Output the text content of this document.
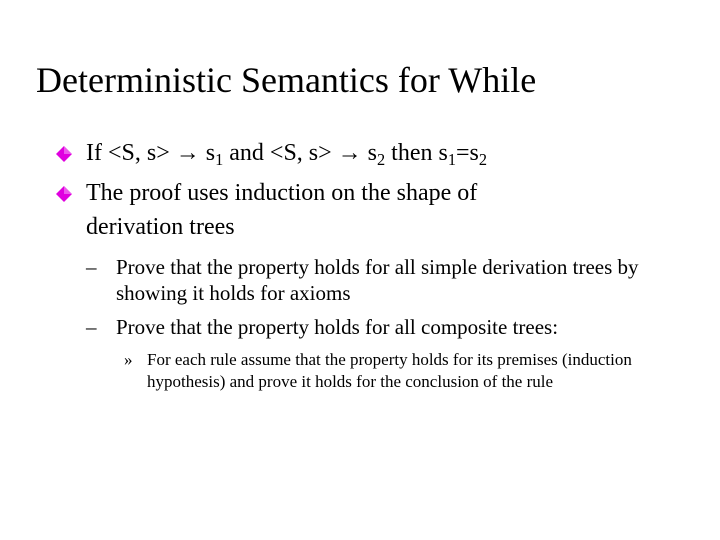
Deterministic Semantics for While
If <S, $s> \to s_1$ and <S, $s> \to s_2$ then $s_1=s_2$
The proof uses induction on the shape of derivation trees
– Prove that the property holds for all simple derivation trees by showing it holds for axioms
– Prove that the property holds for all composite trees:
» For each rule assume that the property holds for its premises (induction hypothesis) and prove it holds for the conclusion of the rule
